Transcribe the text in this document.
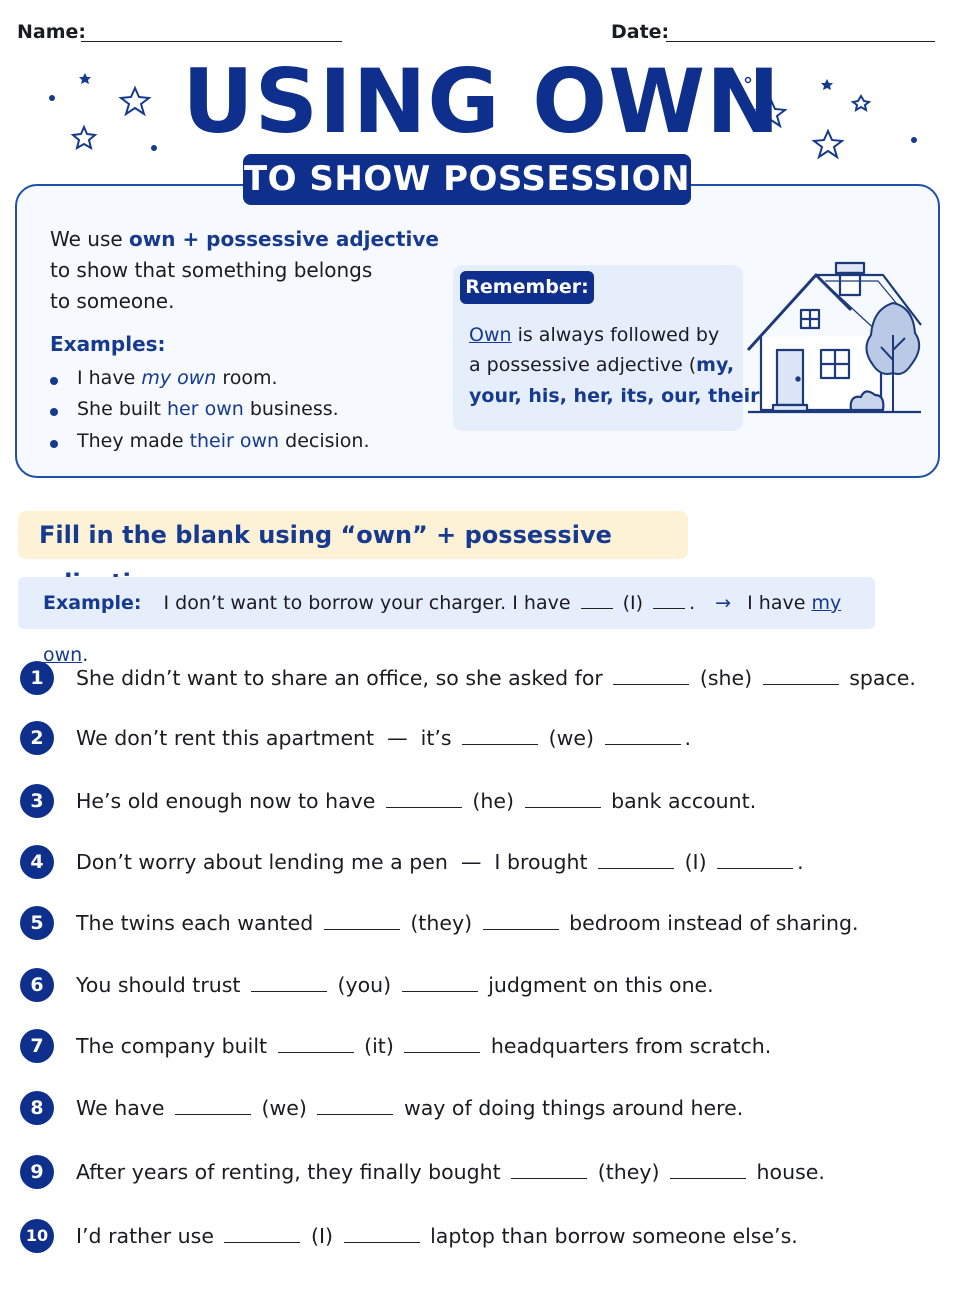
Name:	Date:
USING OWN
TO SHOW POSSESSION
We use own + possessive adjective
to show that something belongs
to someone.
Examples:
I have my own room.
She built her own business.
They made their own decision.
Remember:
Own is always followed by
a possessive adjective (my,
your, his, her, its, our, their
Fill in the blank using “own” + possessive
Example: I don’t want to borrow your charger. I have  (I) . → I have my own.
1	She didn’t want to share an office, so she asked for	(she)	space.
2	We don’t rent this apartment  —  it’s	(we)	.
3	He’s old enough now to have	(he)	bank account.
4	Don’t worry about lending me a pen  —  I brought	(I)	.
5	The twins each wanted	(they)	bedroom instead of sharing.
6	You should trust	(you)	judgment on this one.
7	The company built	(it)	headquarters from scratch.
8	We have	(we)	way of doing things around here.
9	After years of renting, they finally bought	(they)	house.
10 I’d rather use	(I)	laptop than borrow someone else’s.
